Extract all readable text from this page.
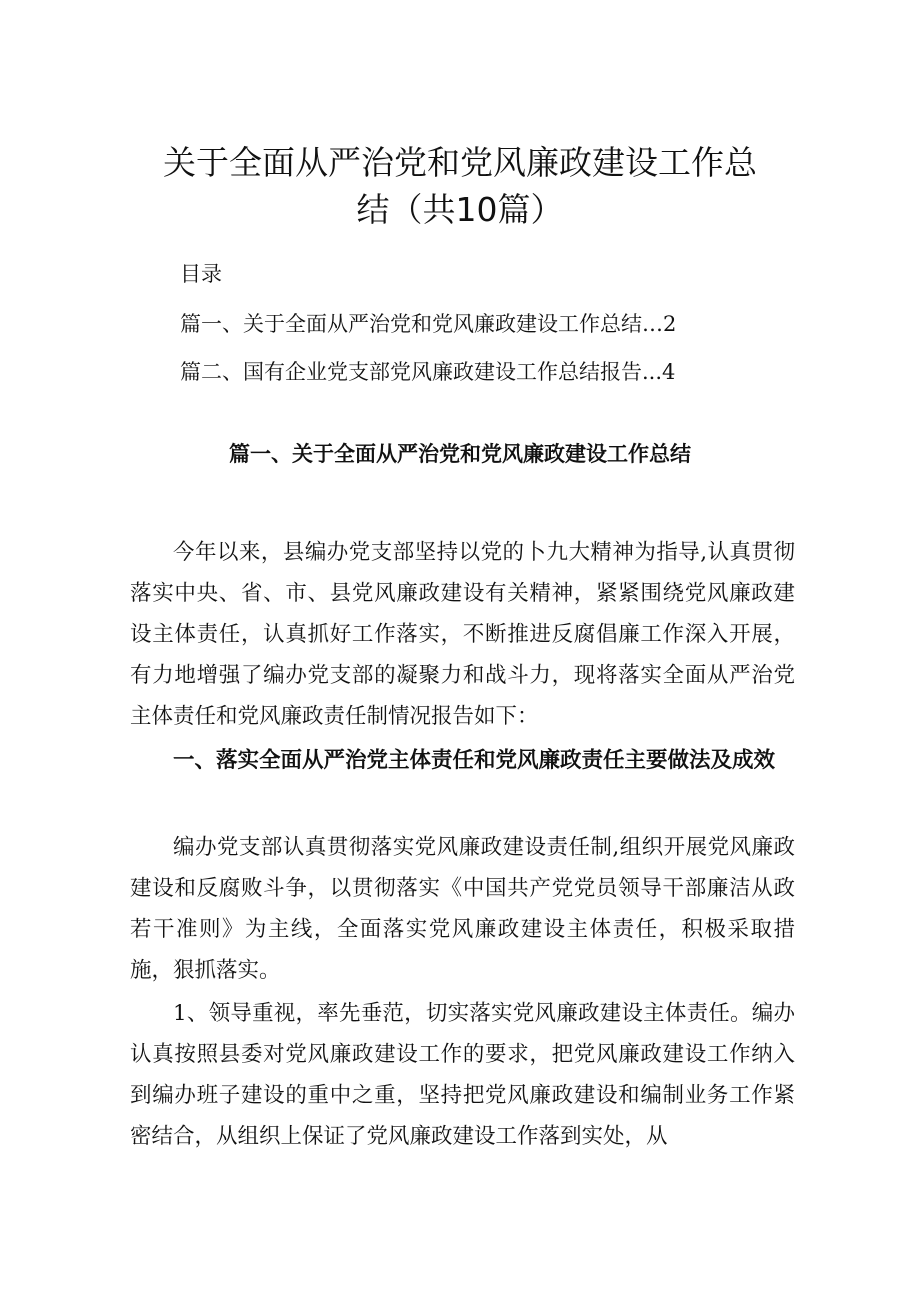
关于全面从严治党和党风廉政建设工作总
结（共10篇）
目录
篇一、关于全面从严治党和党风廉政建设工作总结…2
篇二、国有企业党支部党风廉政建设工作总结报告...4
篇一、关于全面从严治党和党风廉政建设工作总结

今年以来，县编办党支部坚持以党的卜九大精神为指导,认真贯彻落实中央、省、市、县党风廉政建设有关精神，紧紧围绕党风廉政建设主体责任，认真抓好工作落实，不断推进反腐倡廉工作深入开展，有力地增强了编办党支部的凝聚力和战斗力，现将落实全面从严治党主体责任和党风廉政责任制情况报告如下：

一、落实全面从严治党主体责任和党风廉政责任主要做法及成效

编办党支部认真贯彻落实党风廉政建设责任制,组织开展党风廉政建设和反腐败斗争，以贯彻落实《中国共产党党员领导干部廉洁从政若干准则》为主线，全面落实党风廉政建设主体责任，积极采取措施，狠抓落实。

1、领导重视，率先垂范，切实落实党风廉政建设主体责任。编办认真按照县委对党风廉政建设工作的要求，把党风廉政建设工作纳入到编办班子建设的重中之重，坚持把党风廉政建设和编制业务工作紧密结合，从组织上保证了党风廉政建设工作落到实处，从
